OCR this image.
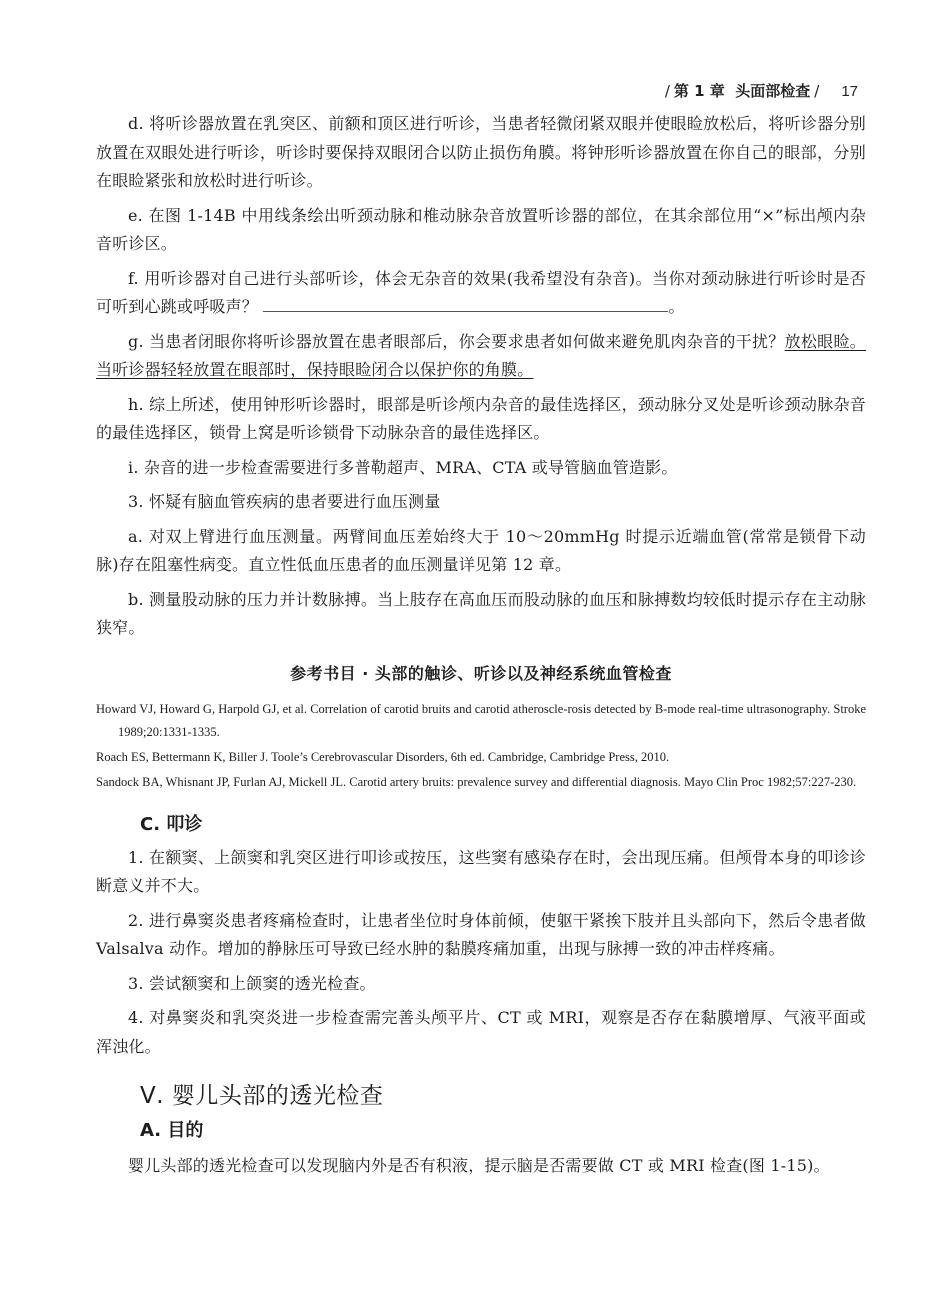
/ 第 1 章 头面部检查 / 17

d. 将听诊器放置在乳突区、前额和顶区进行听诊，当患者轻微闭紧双眼并使眼睑放松后，将听诊器分别放置在双眼处进行听诊，听诊时要保持双眼闭合以防止损伤角膜。将钟形听诊器放置在你自己的眼部，分别在眼睑紧张和放松时进行听诊。

e. 在图 1-14B 中用线条绘出听颈动脉和椎动脉杂音放置听诊器的部位，在其余部位用“×”标出颅内杂音听诊区。

f. 用听诊器对自己进行头部听诊，体会无杂音的效果(我希望没有杂音)。当你对颈动脉进行听诊时是否可听到心跳或呼吸声？	。

g. 当患者闭眼你将听诊器放置在患者眼部后，你会要求患者如何做来避免肌肉杂音的干扰？放松眼睑。当听诊器轻轻放置在眼部时，保持眼睑闭合以保护你的角膜。

h. 综上所述，使用钟形听诊器时，眼部是听诊颅内杂音的最佳选择区，颈动脉分叉处是听诊颈动脉杂音的最佳选择区，锁骨上窝是听诊锁骨下动脉杂音的最佳选择区。

i. 杂音的进一步检查需要进行多普勒超声、MRA、CTA 或导管脑血管造影。

3. 怀疑有脑血管疾病的患者要进行血压测量

a. 对双上臂进行血压测量。两臂间血压差始终大于 10～20mmHg 时提示近端血管(常常是锁骨下动脉)存在阻塞性病变。直立性低血压患者的血压测量详见第 12 章。

b. 测量股动脉的压力并计数脉搏。当上肢存在高血压而股动脉的血压和脉搏数均较低时提示存在主动脉狭窄。

参考书目 · 头部的触诊、听诊以及神经系统血管检查
Howard VJ, Howard G, Harpold GJ, et al. Correlation of carotid bruits and carotid atheroscle-rosis detected by B-mode real-time ultrasonography. Stroke 1989;20:1331-1335.
Roach ES, Bettermann K, Biller J. Toole’s Cerebrovascular Disorders, 6th ed. Cambridge, Cambridge Press, 2010.
Sandock BA, Whisnant JP, Furlan AJ, Mickell JL. Carotid artery bruits: prevalence survey and differential diagnosis. Mayo Clin Proc 1982;57:227-230.
C. 叩诊

1. 在额窦、上颌窦和乳突区进行叩诊或按压，这些窦有感染存在时，会出现压痛。但颅骨本身的叩诊诊断意义并不大。

2. 进行鼻窦炎患者疼痛检查时，让患者坐位时身体前倾，使躯干紧挨下肢并且头部向下，然后令患者做 Valsalva 动作。增加的静脉压可导致已经水肿的黏膜疼痛加重，出现与脉搏一致的冲击样疼痛。

3. 尝试额窦和上颌窦的透光检查。

4. 对鼻窦炎和乳突炎进一步检查需完善头颅平片、CT 或 MRI，观察是否存在黏膜增厚、气液平面或浑浊化。

Ⅴ. 婴儿头部的透光检查
A. 目的

婴儿头部的透光检查可以发现脑内外是否有积液，提示脑是否需要做 CT 或 MRI 检查(图 1-15)。
